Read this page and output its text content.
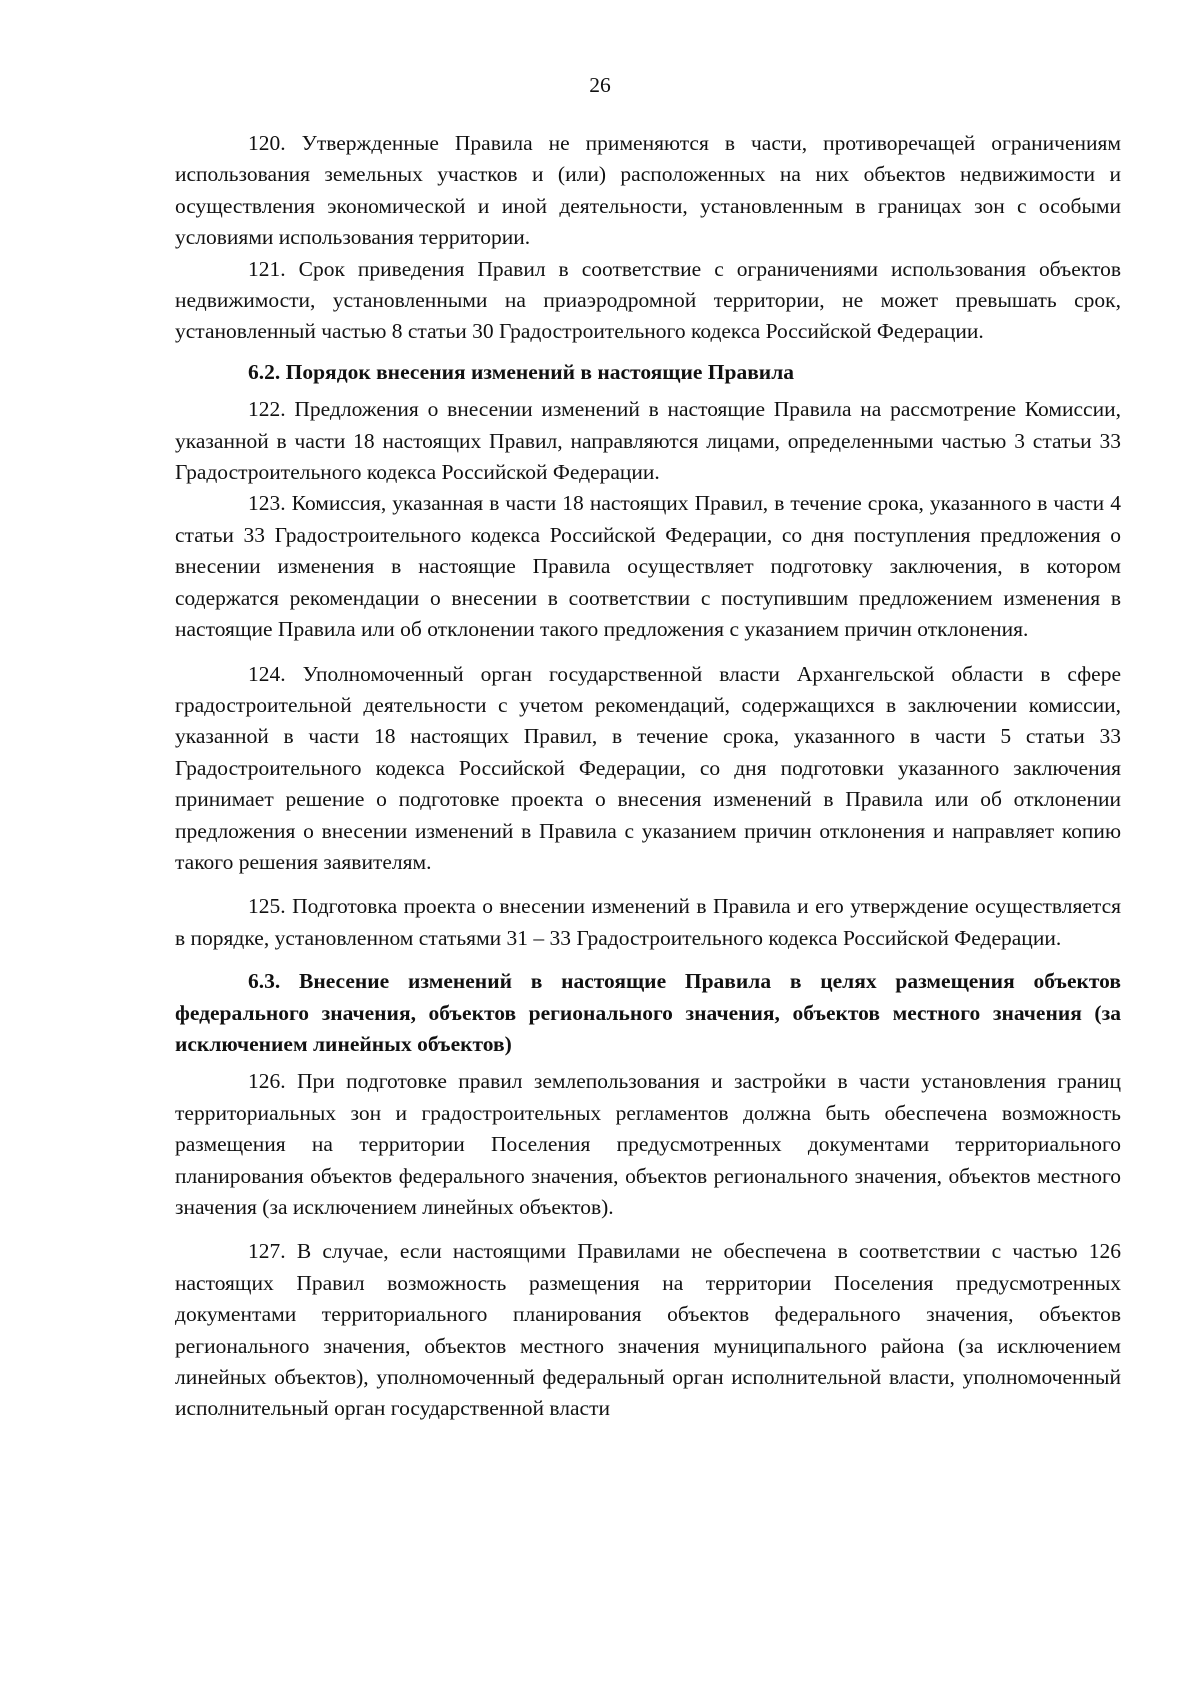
26

120. Утвержденные Правила не применяются в части, противоречащей ограничениям использования земельных участков и (или) расположенных на них объектов недвижимости и осуществления экономической и иной деятельности, установленным в границах зон с особыми условиями использования территории.

121. Срок приведения Правил в соответствие с ограничениями использования объектов недвижимости, установленными на приаэродромной территории, не может превышать срок, установленный частью 8 статьи 30 Градостроительного кодекса Российской Федерации.

6.2. Порядок внесения изменений в настоящие Правила

122. Предложения о внесении изменений в настоящие Правила на рассмотрение Комиссии, указанной в части 18 настоящих Правил, направляются лицами, определенными частью 3 статьи 33 Градостроительного кодекса Российской Федерации.

123. Комиссия, указанная в части 18 настоящих Правил, в течение срока, указанного в части 4 статьи 33 Градостроительного кодекса Российской Федерации, со дня поступления предложения о внесении изменения в настоящие Правила осуществляет подготовку заключения, в котором содержатся рекомендации о внесении в соответствии с поступившим предложением изменения в настоящие Правила или об отклонении такого предложения с указанием причин отклонения.

124. Уполномоченный орган государственной власти Архангельской области в сфере градостроительной деятельности с учетом рекомендаций, содержащихся в заключении комиссии, указанной в части 18 настоящих Правил, в течение срока, указанного в части 5 статьи 33 Градостроительного кодекса Российской Федерации, со дня подготовки указанного заключения принимает решение о подготовке проекта о внесения изменений в Правила или об отклонении предложения о внесении изменений в Правила с указанием причин отклонения и направляет копию такого решения заявителям.

125. Подготовка проекта о внесении изменений в Правила и его утверждение осуществляется в порядке, установленном статьями 31 – 33 Градостроительного кодекса Российской Федерации.

6.3. Внесение изменений в настоящие Правила в целях размещения объектов федерального значения, объектов регионального значения, объектов местного значения (за исключением линейных объектов)

126. При подготовке правил землепользования и застройки в части установления границ территориальных зон и градостроительных регламентов должна быть обеспечена возможность размещения на территории Поселения предусмотренных документами территориального планирования объектов федерального значения, объектов регионального значения, объектов местного значения (за исключением линейных объектов).

127. В случае, если настоящими Правилами не обеспечена в соответствии с частью 126 настоящих Правил возможность размещения на территории Поселения предусмотренных документами территориального планирования объектов федерального значения, объектов регионального значения, объектов местного значения муниципального района (за исключением линейных объектов), уполномоченный федеральный орган исполнительной власти, уполномоченный исполнительный орган государственной власти
